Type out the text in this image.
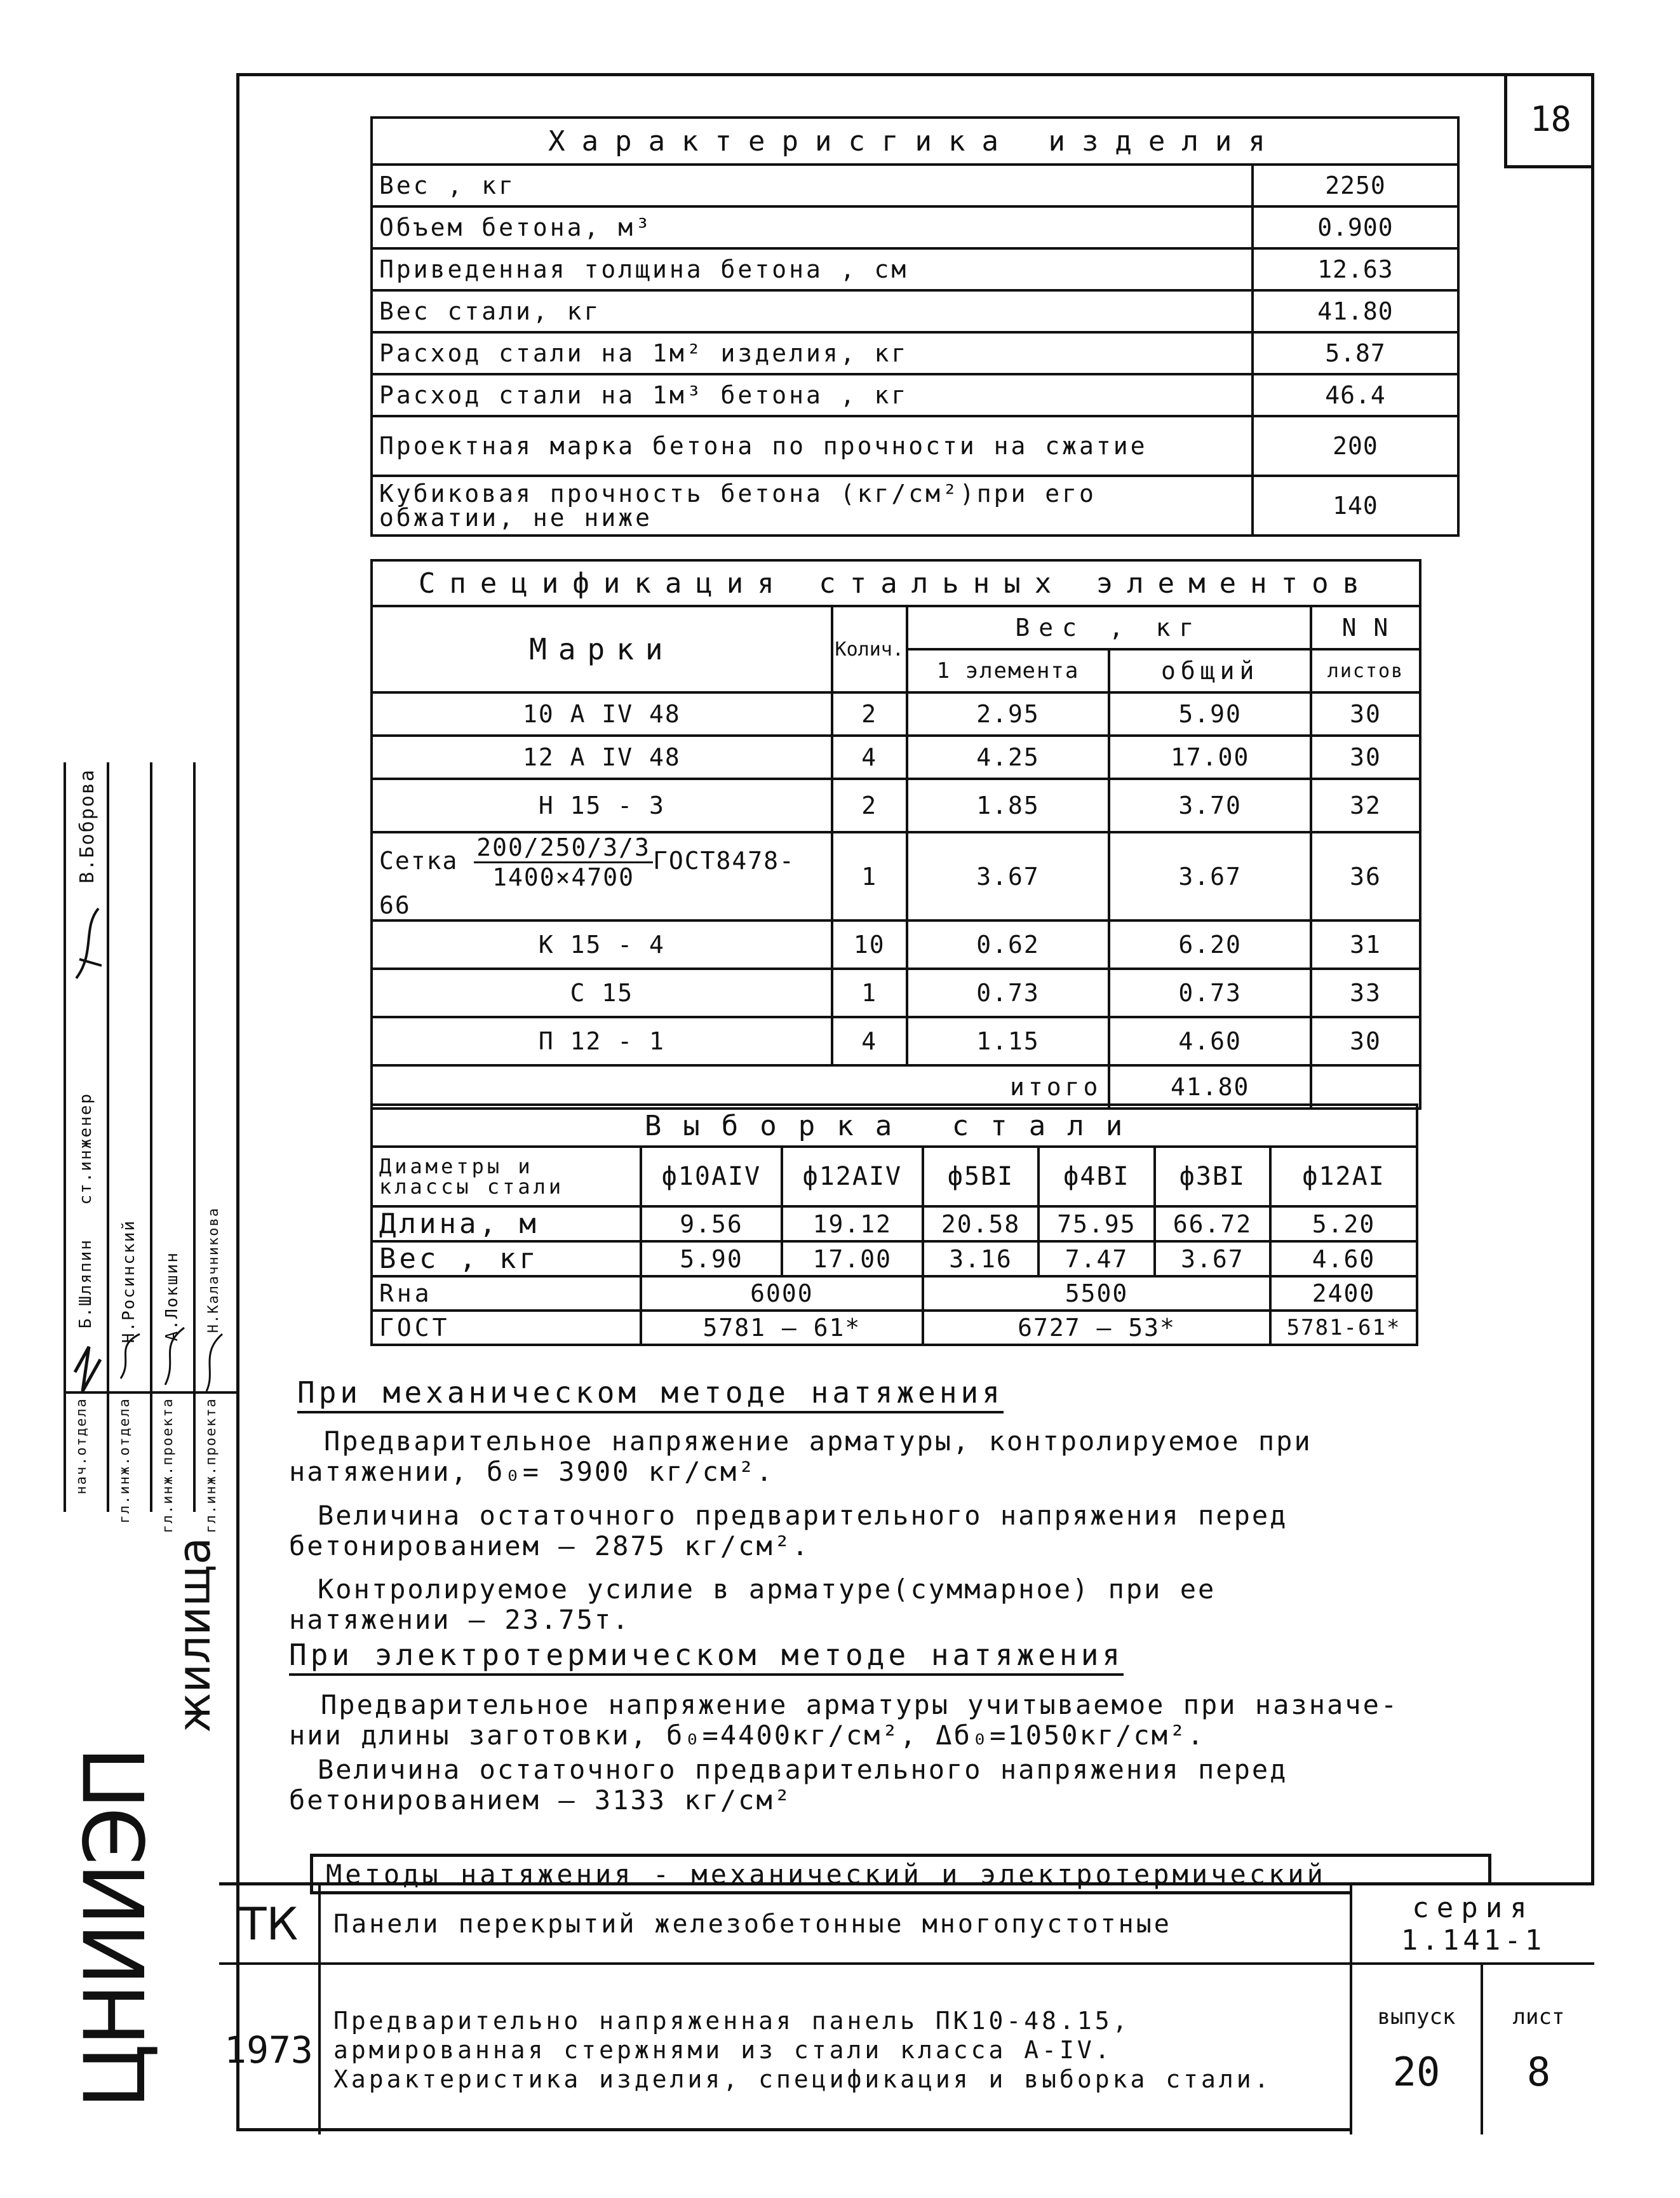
18
Характерисгика изделия	
Вес , кг	2250
Объем бетона, м³	0.900
Приведенная толщина бетона , см	12.63
Вес стали, кг	41.80
Расход стали на 1м² изделия, кг	5.87
Расход стали на 1м³ бетона , кг	46.4
Проектная марка бетона по прочности на сжатие	200
Кубиковая прочность бетона (кг/см²)при его обжатии, не ниже	140
Спецификация стальных элементов				
Марки	Колич.	Вес , кг		N N
		1 элемента	общий	листов
10 А IV 48	2	2.95	5.90	30
12 А IV 48	4	4.25	17.00	30
Н 15 - 3	2	1.85	3.70	32
Сетка $\frac{200/250/3/3}{1400\times 4700}$ ГОСТ8478-66	1	3.67	3.67	36
К 15 - 4	10	0.62	6.20	31
С 15	1	0.73	0.73	33
П 12 - 1	4	1.15	4.60	30
итого			41.80	
Выборка стали						
Диаметры и классы стали	ф10АIV	ф12АIV	ф5ВI	ф4ВI	ф3ВI	ф12АI
Длина, м	9.56	19.12	20.58	75.95	66.72	5.20
Вес , кг	5.90	17.00	3.16	7.47	3.67	4.60
Rнa	6000		5500			2400
ГОСТ	5781 — 61*		6727 — 53*			5781-61*
При механическом методе натяжения
Предварительное напряжение арматуры, контролируемое при
натяжении, б₀= 3900 кг/см².
Величина остаточного предварительного напряжения перед
бетонированием — 2875 кг/см².
Контролируемое усилие в арматуре(суммарное) при ее
натяжении — 23.75т.
При электротермическом методе натяжения
Предварительное напряжение арматуры учитываемое при назначе-
нии длины заготовки, б₀=4400кг/см², Δб₀=1050кг/см².
Величина остаточного предварительного напряжения перед
бетонированием — 3133 кг/см²
Методы натяжения - механический и электротермический
ТК
1973
Панели перекрытий железобетонные многопустотные
Предварительно напряженная панель ПК10-48.15,
армированная стержнями из стали класса А-IV.
Характеристика изделия, спецификация и выборка стали.
серия
1.141-1
выпуск
20
лист
8
В.Боброва
ст.инженер
Б.Шляпин Н.Росинский А.Локшин Н.Калачникова
нач.отдела гл.инж.отдела гл.инж.проекта гл.инж.проекта
ЦНИИЭП
жилища
